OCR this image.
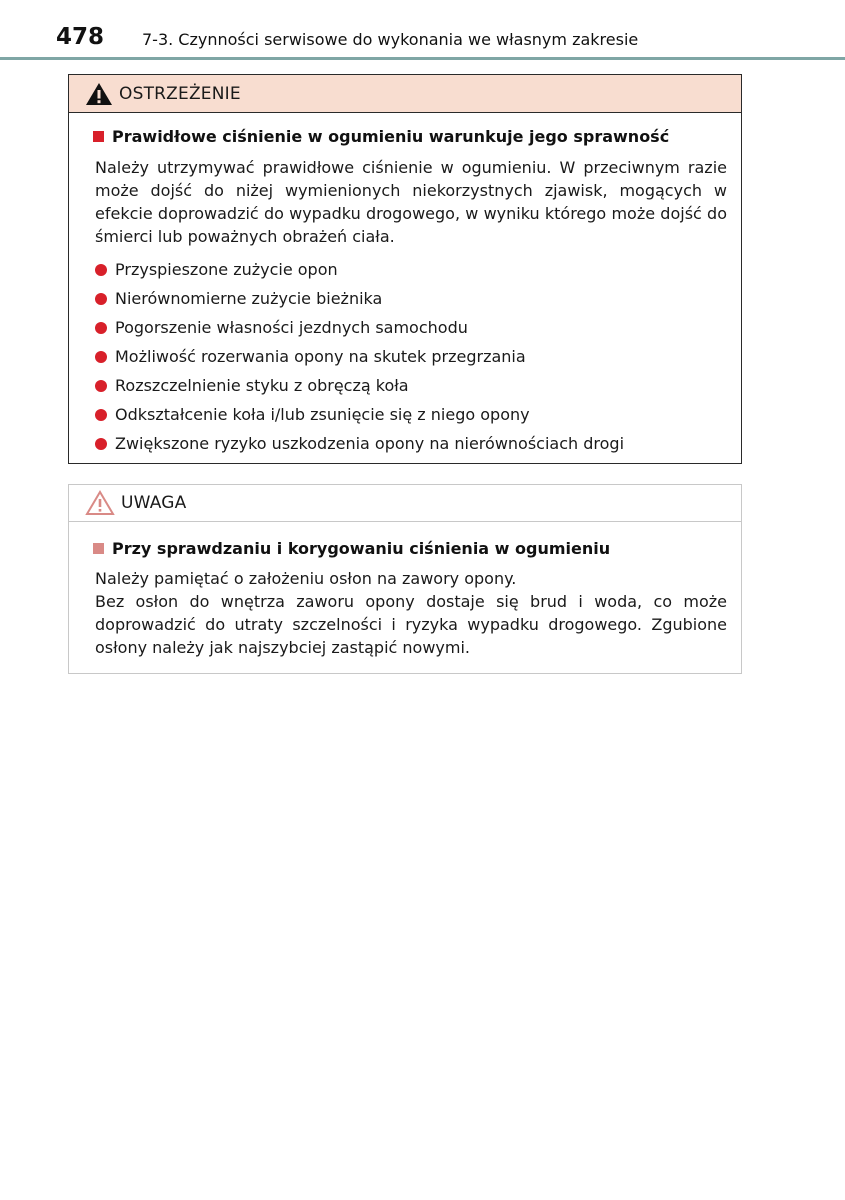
478 7-3. Czynności serwisowe do wykonania we własnym zakresie
OSTRZEŻENIE
Prawidłowe ciśnienie w ogumieniu warunkuje jego sprawność
Należy utrzymywać prawidłowe ciśnienie w ogumieniu. W przeciwnym razie może dojść do niżej wymienionych niekorzystnych zjawisk, mogących w efekcie doprowadzić do wypadku drogowego, w wyniku którego może dojść do śmierci lub poważnych obrażeń ciała.
Przyspieszone zużycie opon
Nierównomierne zużycie bieżnika
Pogorszenie własności jezdnych samochodu
Możliwość rozerwania opony na skutek przegrzania
Rozszczelnienie styku z obręczą koła
Odkształcenie koła i/lub zsunięcie się z niego opony
Zwiększone ryzyko uszkodzenia opony na nierównościach drogi
UWAGA
Przy sprawdzaniu i korygowaniu ciśnienia w ogumieniu
Należy pamiętać o założeniu osłon na zawory opony.
Bez osłon do wnętrza zaworu opony dostaje się brud i woda, co może doprowadzić do utraty szczelności i ryzyka wypadku drogowego. Zgubione osłony należy jak najszybciej zastąpić nowymi.
